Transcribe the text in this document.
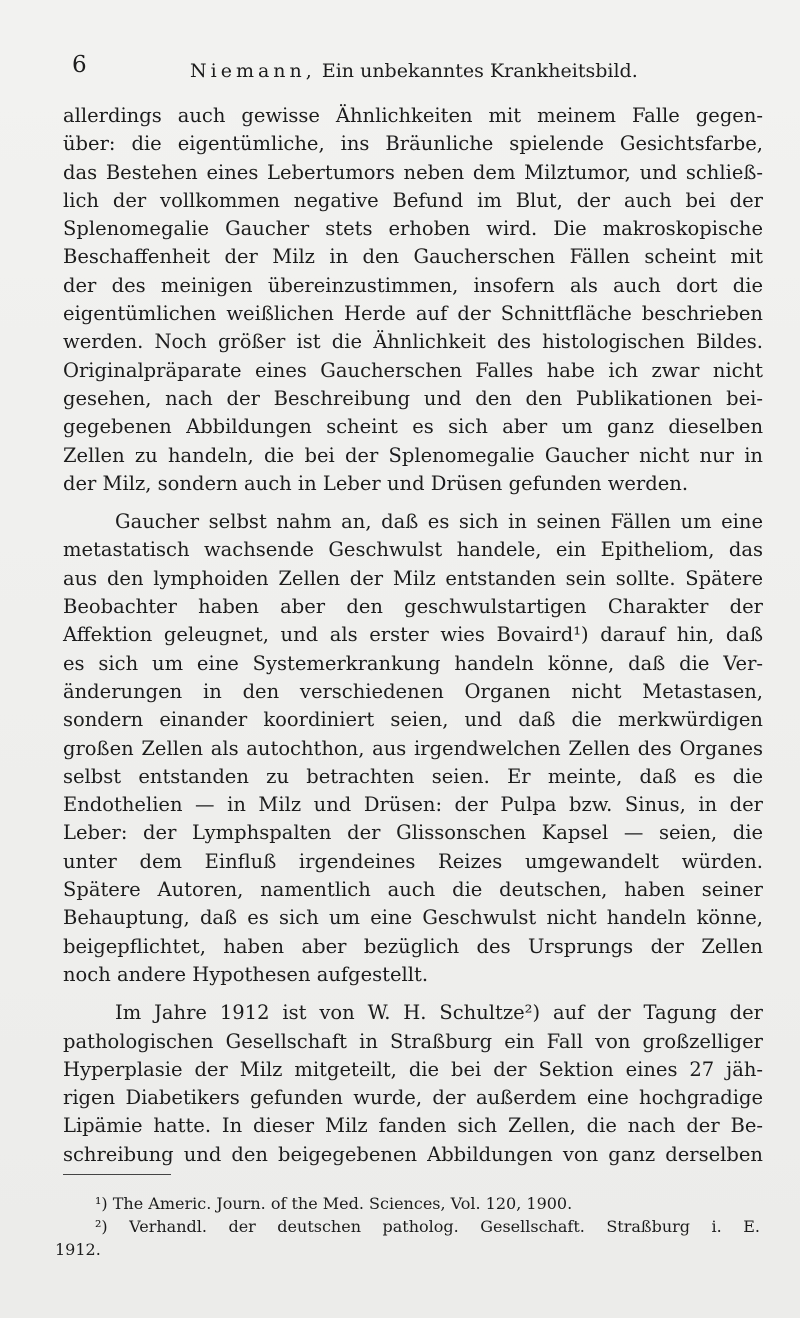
6	Niemann, Ein unbekanntes Krankheitsbild.
allerdings auch gewisse Ähnlichkeiten mit meinem Falle gegen-
über: die eigentümliche, ins Bräunliche spielende Gesichtsfarbe,
das Bestehen eines Lebertumors neben dem Milztumor, und schließ-
lich der vollkommen negative Befund im Blut, der auch bei der
Splenomegalie Gaucher stets erhoben wird. Die makroskopische
Beschaffenheit der Milz in den Gaucherschen Fällen scheint mit
der des meinigen übereinzustimmen, insofern als auch dort die
eigentümlichen weißlichen Herde auf der Schnittfläche beschrieben
werden. Noch größer ist die Ähnlichkeit des histologischen Bildes.
Originalpräparate eines Gaucherschen Falles habe ich zwar nicht
gesehen, nach der Beschreibung und den den Publikationen bei-
gegebenen Abbildungen scheint es sich aber um ganz dieselben
Zellen zu handeln, die bei der Splenomegalie Gaucher nicht nur in
der Milz, sondern auch in Leber und Drüsen gefunden werden.
Gaucher selbst nahm an, daß es sich in seinen Fällen um eine
metastatisch wachsende Geschwulst handele, ein Epitheliom, das
aus den lymphoiden Zellen der Milz entstanden sein sollte. Spätere
Beobachter haben aber den geschwulstartigen Charakter der
Affektion geleugnet, und als erster wies Bovaird¹) darauf hin, daß
es sich um eine Systemerkrankung handeln könne, daß die Ver-
änderungen in den verschiedenen Organen nicht Metastasen,
sondern einander koordiniert seien, und daß die merkwürdigen
großen Zellen als autochthon, aus irgendwelchen Zellen des Organes
selbst entstanden zu betrachten seien. Er meinte, daß es die
Endothelien — in Milz und Drüsen: der Pulpa bzw. Sinus, in der
Leber: der Lymphspalten der Glissonschen Kapsel — seien, die
unter dem Einfluß irgendeines Reizes umgewandelt würden.
Spätere Autoren, namentlich auch die deutschen, haben seiner
Behauptung, daß es sich um eine Geschwulst nicht handeln könne,
beigepflichtet, haben aber bezüglich des Ursprungs der Zellen
noch andere Hypothesen aufgestellt.
Im Jahre 1912 ist von W. H. Schultze²) auf der Tagung der
pathologischen Gesellschaft in Straßburg ein Fall von großzelliger
Hyperplasie der Milz mitgeteilt, die bei der Sektion eines 27 jäh-
rigen Diabetikers gefunden wurde, der außerdem eine hochgradige
Lipämie hatte. In dieser Milz fanden sich Zellen, die nach der Be-
schreibung und den beigegebenen Abbildungen von ganz derselben
¹) The Americ. Journ. of the Med. Sciences, Vol. 120, 1900.
²) Verhandl. der deutschen patholog. Gesellschaft. Straßburg i. E.
1912.
